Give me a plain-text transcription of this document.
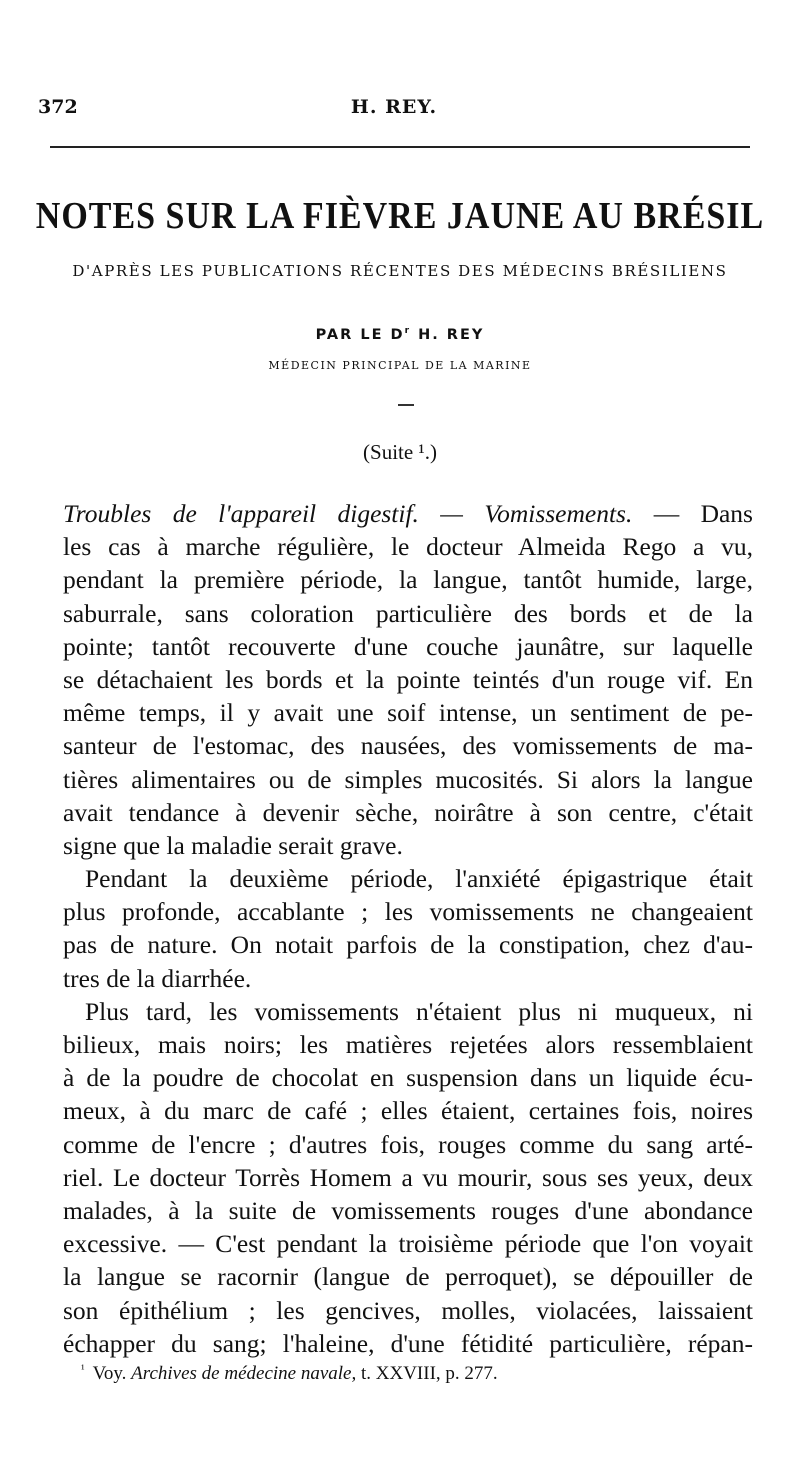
372	H. REY.
NOTES SUR LA FIÈVRE JAUNE AU BRÉSIL
D'APRÈS LES PUBLICATIONS RÉCENTES DES MÉDECINS BRÉSILIENS
PAR LE $D^r$ H. REY
MÉDECIN PRINCIPAL DE LA MARINE
(Suite ¹.)
Troubles de l'appareil digestif. — Vomissements. — Dans
les cas à marche régulière, le docteur Almeida Rego a vu,
pendant la première période, la langue, tantôt humide, large,
saburrale, sans coloration particulière des bords et de la
pointe; tantôt recouverte d'une couche jaunâtre, sur laquelle
se détachaient les bords et la pointe teintés d'un rouge vif. En
même temps, il y avait une soif intense, un sentiment de pe-
santeur de l'estomac, des nausées, des vomissements de ma-
tières alimentaires ou de simples mucosités. Si alors la langue
avait tendance à devenir sèche, noirâtre à son centre, c'était
signe que la maladie serait grave.
Pendant la deuxième période, l'anxiété épigastrique était
plus profonde, accablante ; les vomissements ne changeaient
pas de nature. On notait parfois de la constipation, chez d'au-
tres de la diarrhée.
Plus tard, les vomissements n'étaient plus ni muqueux, ni
bilieux, mais noirs; les matières rejetées alors ressemblaient
à de la poudre de chocolat en suspension dans un liquide écu-
meux, à du marc de café ; elles étaient, certaines fois, noires
comme de l'encre ; d'autres fois, rouges comme du sang arté-
riel. Le docteur Torrès Homem a vu mourir, sous ses yeux, deux
malades, à la suite de vomissements rouges d'une abondance
excessive. — C'est pendant la troisième période que l'on voyait
la langue se racornir (langue de perroquet), se dépouiller de
son épithélium ; les gencives, molles, violacées, laissaient
échapper du sang; l'haleine, d'une fétidité particulière, répan-
$^{^1}$ Voy. Archives de médecine navale, t. XXVIII, p. 277.
